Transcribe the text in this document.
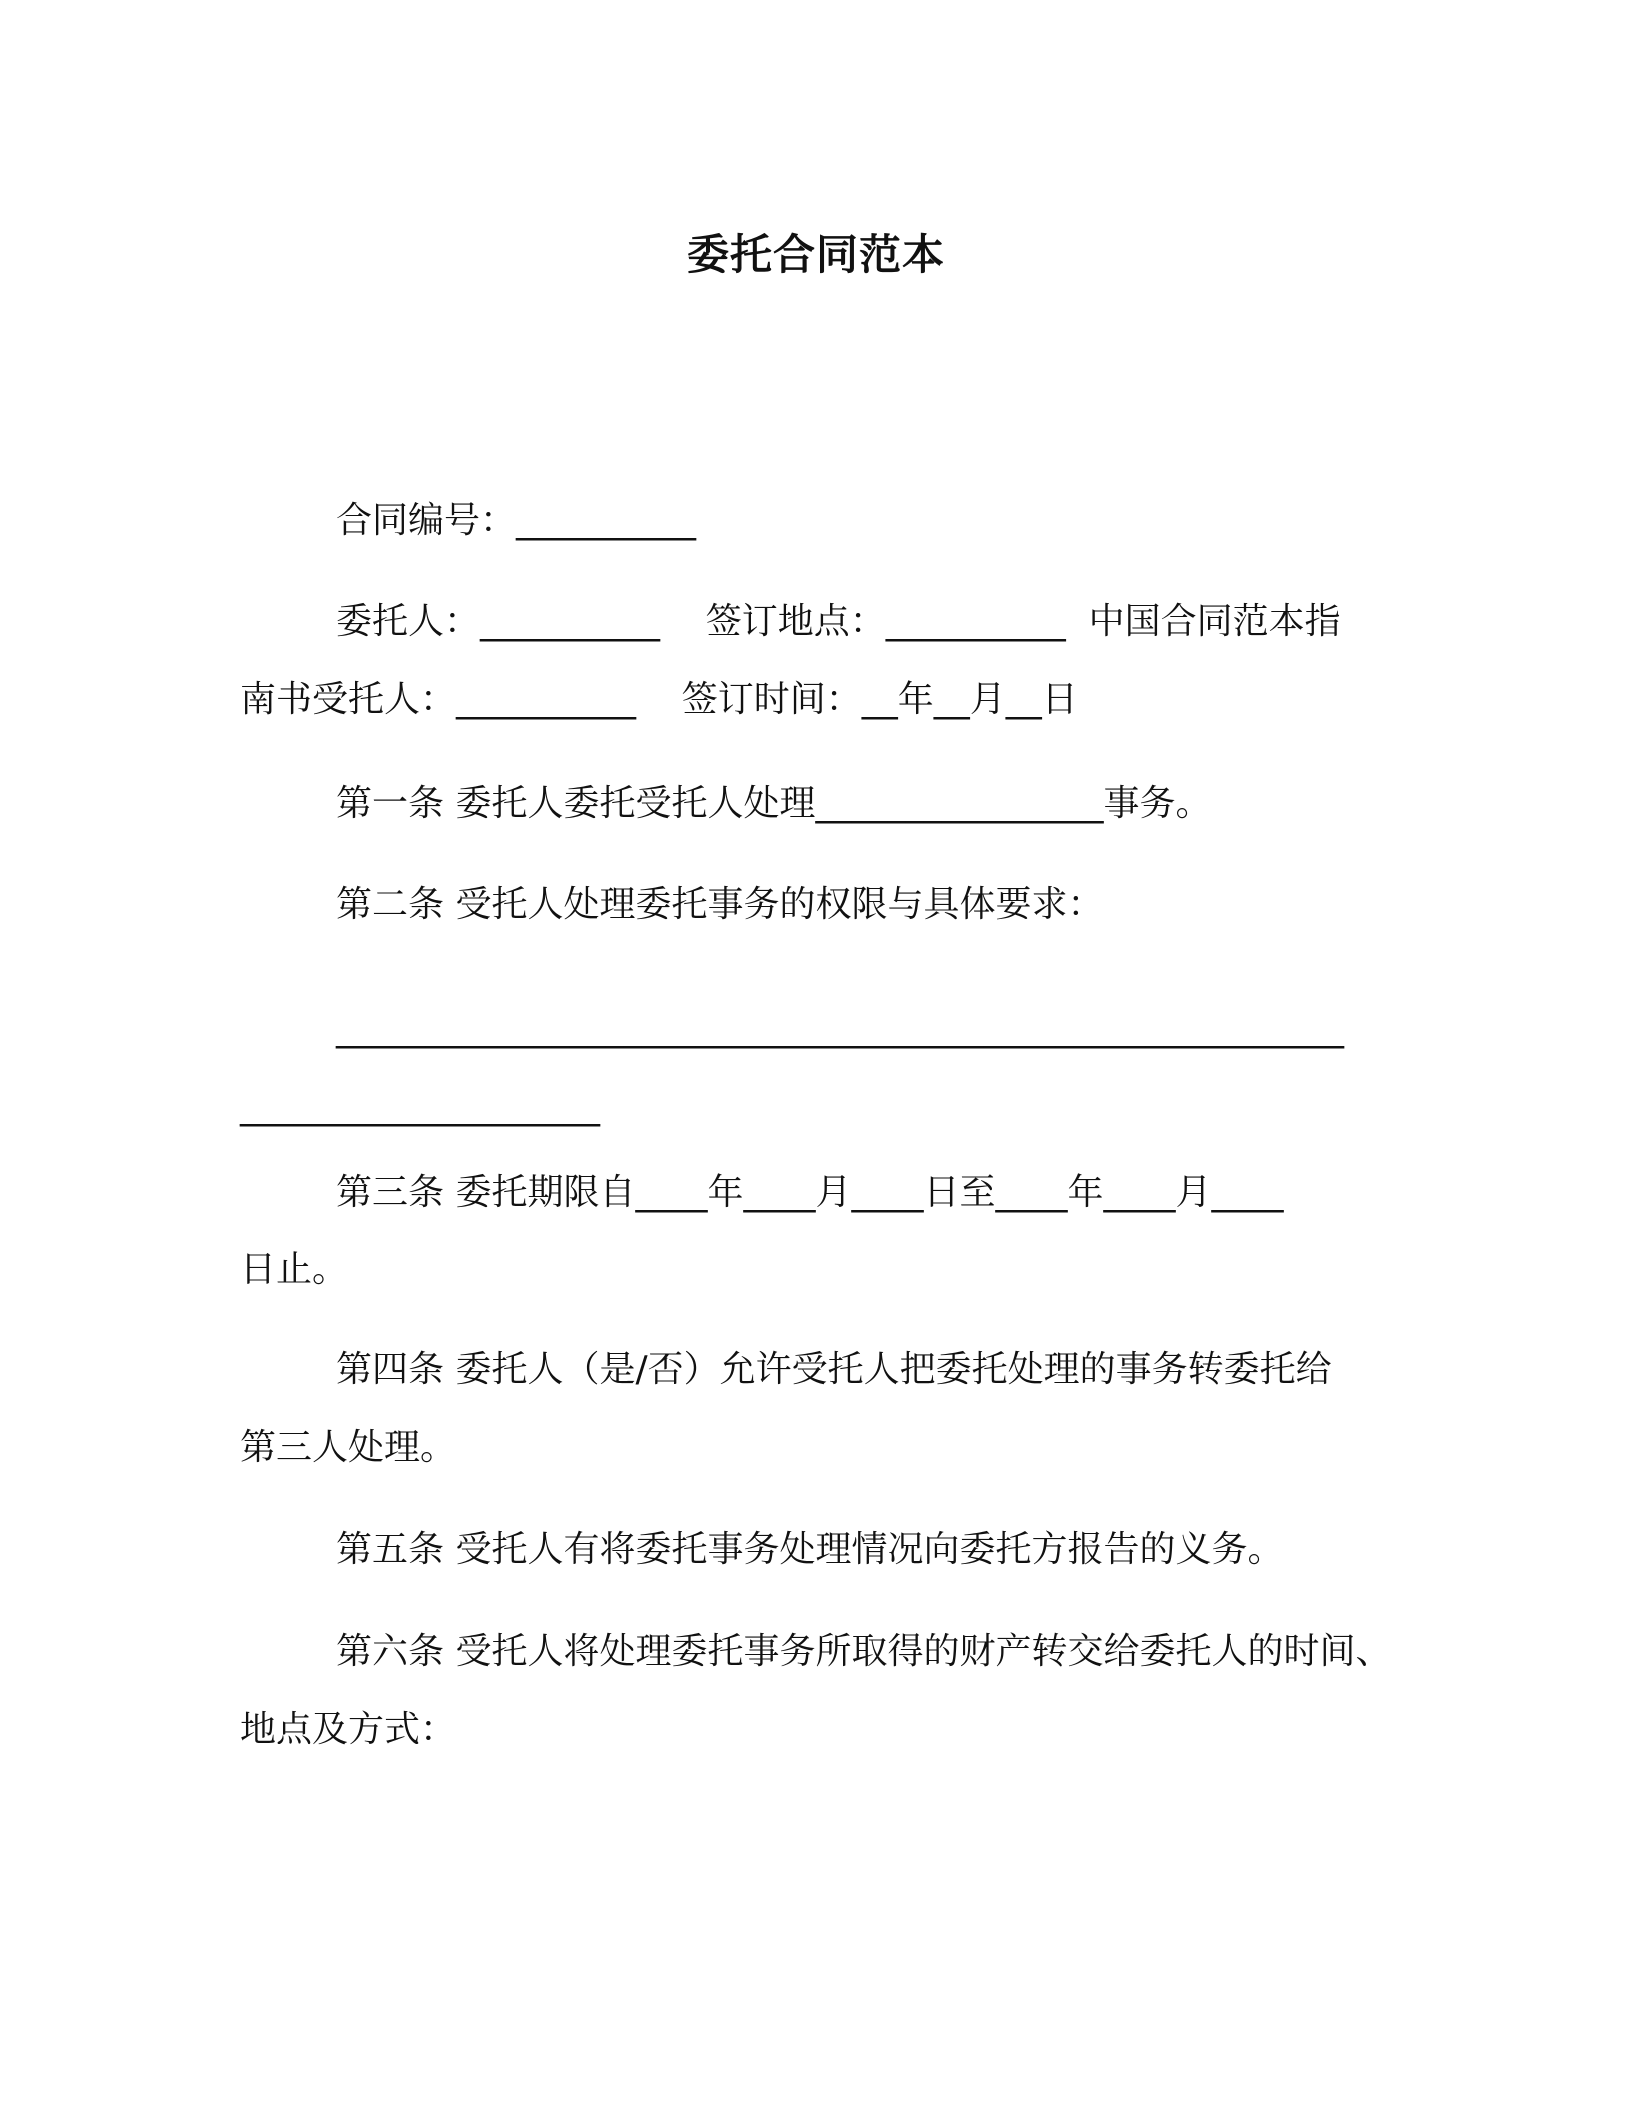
委托合同范本
合同编号：__________
委托人：__________    签订地点：__________  中国合同范本指
南书受托人：__________    签订时间：__年__月__日
第一条 委托人委托受托人处理________________事务。
第二条 受托人处理委托事务的权限与具体要求：
________________________________________________________
____________________
第三条 委托期限自____年____月____日至____年____月____
日止。
第四条 委托人（是/否）允许受托人把委托处理的事务转委托给
第三人处理。
第五条 受托人有将委托事务处理情况向委托方报告的义务。
第六条 受托人将处理委托事务所取得的财产转交给委托人的时间、
地点及方式：
